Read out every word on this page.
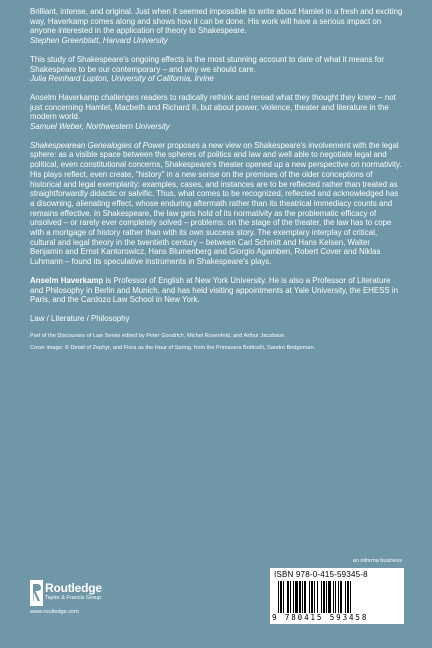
Brilliant, intense, and original. Just when it seemed impossible to write about Hamlet in a fresh and exciting way, Haverkamp comes along and shows how it can be done. His work will have a serious impact on anyone interested in the application of theory to Shakespeare.

Stephen Greenblatt, Harvard University

This study of Shakespeare's ongoing effects is the most stunning account to date of what it means for Shakespeare to be our contemporary – and why we should care.

Julia Reinhard Lupton, University of California, Irvine

Anselm Haverkamp challenges readers to radically rethink and reread what they thought they knew – not just concerning Hamlet, Macbeth and Richard II, but about power, violence, theater and literature in the modern world.

Samuel Weber, Northwestern University

Shakespearean Genealogies of Power proposes a new view on Shakespeare's involvement with the legal sphere: as a visible space between the spheres of politics and law and well able to negotiate legal and political, even constitutional concerns, Shakespeare's theater opened up a new perspective on normativity. His plays reflect, even create, "history" in a new sense on the premises of the older conceptions of historical and legal exemplarity: examples, cases, and instances are to be reflected rather than treated as straightforwardly didactic or salvific. Thus, what comes to be recognized, reflected and acknowledged has a disowning, alienating effect, whose enduring aftermath rather than its theatrical immediacy counts and remains effective. In Shakespeare, the law gets hold of its normativity as the problematic efficacy of unsolved – or rarely ever completely solved – problems: on the stage of the theater, the law has to cope with a mortgage of history rather than with its own success story. The exemplary interplay of critical, cultural and legal theory in the twentieth century – between Carl Schmitt and Hans Kelsen, Walter Benjamin and Ernst Kantorowicz, Hans Blumenberg and Giorgio Agamben, Robert Cover and Niklas Luhmann – found its speculative instruments in Shakespeare's plays.

Anselm Haverkamp is Professor of English at New York University. He is also a Professor of Literature and Philosophy in Berlin and Munich, and has held visiting appointments at Yale University, the EHESS in Paris, and the Cardozo Law School in New York.

Law / Literature / Philosophy

Part of the Discourses of Law Series edited by Peter Goodrich, Michel Rosenfeld, and Arthur Jacobson.

Cover image: © Detail of Zephyr, and Flora as the Hour of Spring, from the Primavera Botticelli, Sandro Bridgeman.

Routledge
Taylor & Francis Group
www.routledge.com
an informa business
ISBN 978-0-415-59345-8
9 780415 593458
